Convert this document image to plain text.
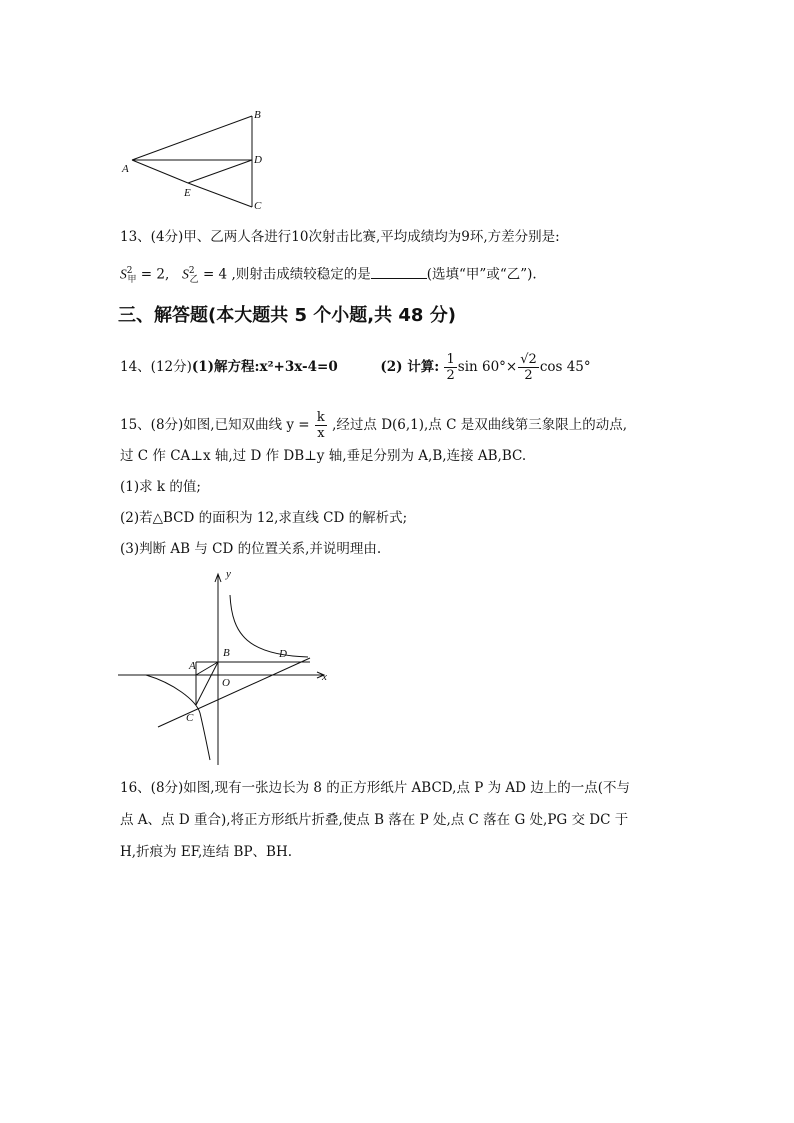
B
A
D
E
C
13、(4分)甲、乙两人各进行10次射击比赛,平均成绩均为9环,方差分别是:
$S^2_甲 = 2$, $S^2_乙 = 4$ ,则射击成绩较稳定的是	(选填“甲”或“乙”).
三、解答题(本大题共 5 个小题,共 48 分)
14、(12分)(1)解方程:x²+3x-4=0	(2) 计算: $\frac{1}{2}$ $\sin 60^\circ\times \frac{√2}{2}$ cos 45°
15、(8分)如图,已知双曲线 $y = \frac{k}{x}$ ,经过点 D(6,1),点 C 是双曲线第三象限上的动点,
过 C 作 CA⊥x 轴,过 D 作 DB⊥y 轴,垂足分别为 A,B,连接 AB,BC.
(1)求 k 的值;
(2)若△BCD 的面积为 12,求直线 CD 的解析式;
(3)判断 AB 与 CD 的位置关系,并说明理由.
y
x
A
B
O
D
C
16、(8分)如图,现有一张边长为 8 的正方形纸片 ABCD,点 P 为 AD 边上的一点(不与
点 A、点 D 重合),将正方形纸片折叠,使点 B 落在 P 处,点 C 落在 G 处,PG 交 DC 于
H,折痕为 EF,连结 BP、BH.
